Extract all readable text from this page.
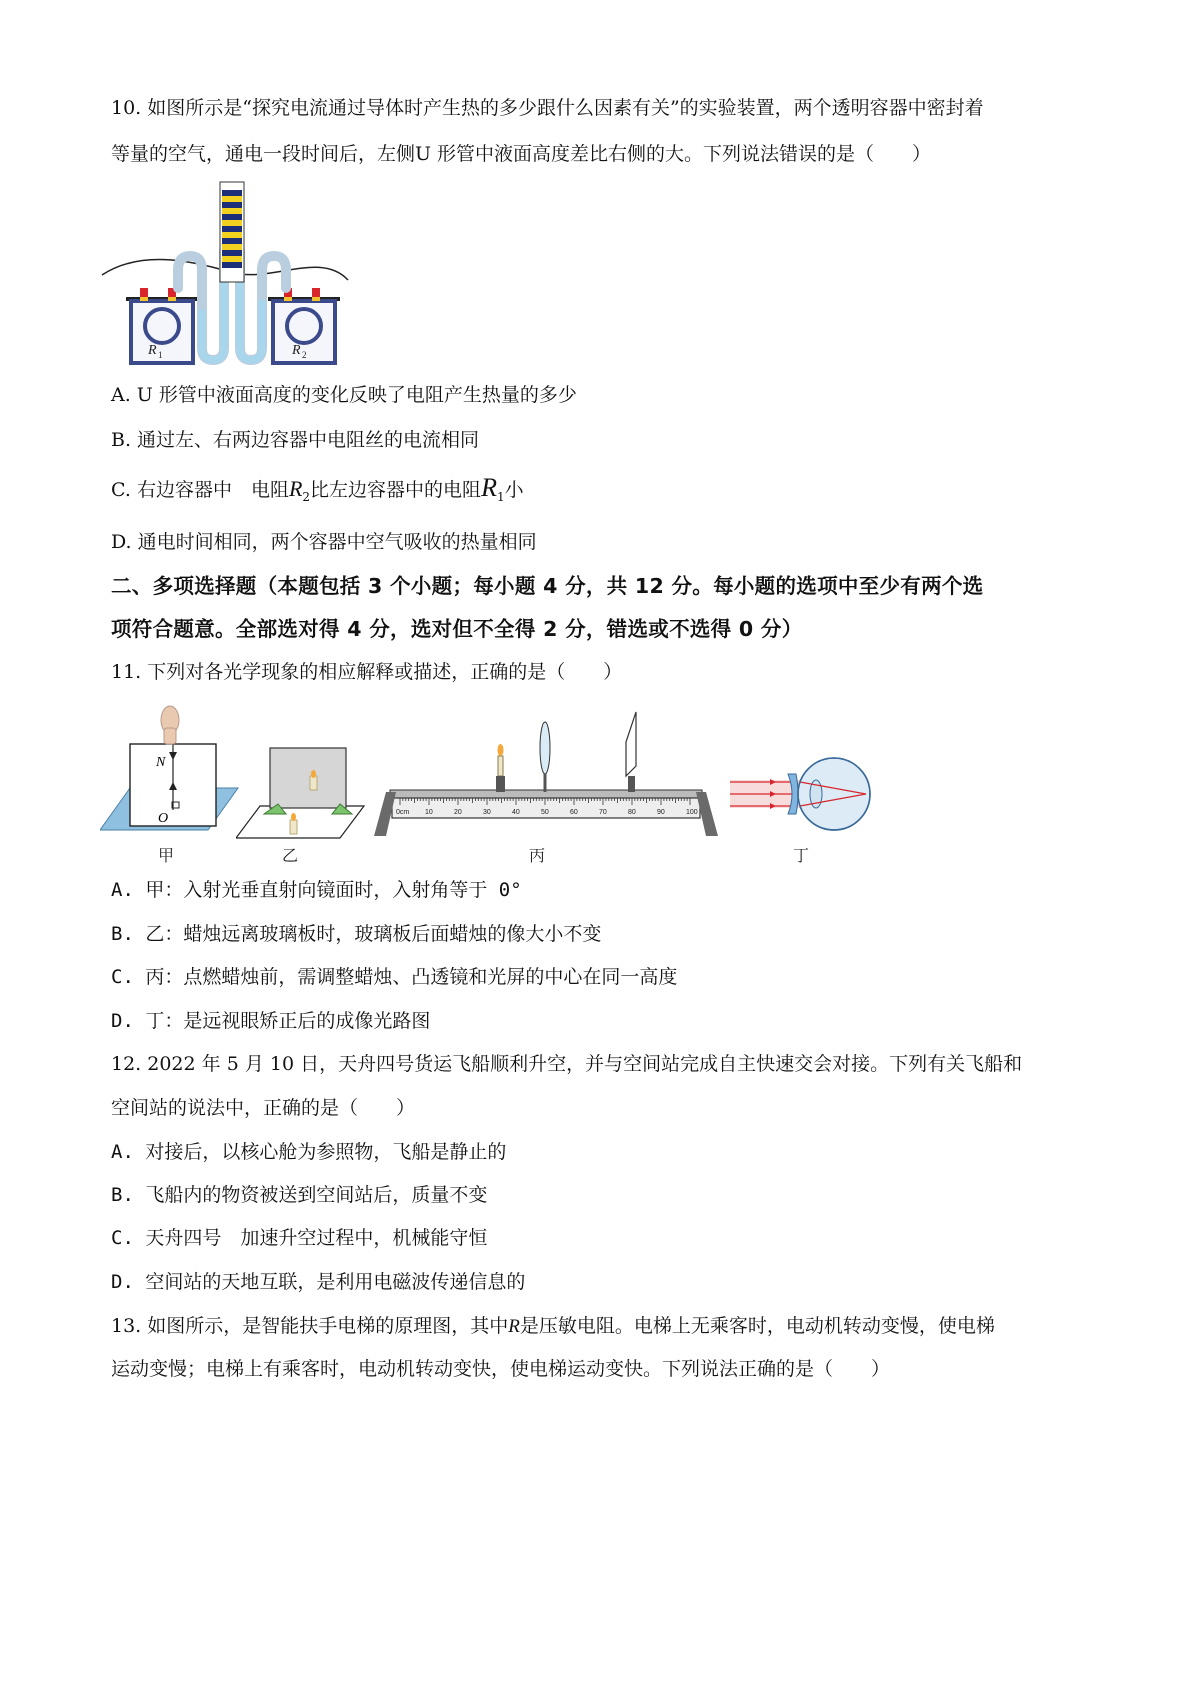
10. 如图所示是“探究电流通过导体时产生热的多少跟什么因素有关”的实验装置，两个透明容器中密封着
等量的空气，通电一段时间后，左侧U 形管中液面高度差比右侧的大。下列说法错误的是（　　）
R 1	R 2
A. U 形管中液面高度的变化反映了电阻产生热量的多少
B. 通过左、右两边容器中电阻丝的电流相同
C. 右边容器中　电阻$R_2$比左边容器中的电阻$R_1$小
D. 通电时间相同，两个容器中空气吸收的热量相同
二、多项选择题（本题包括 3 个小题；每小题 4 分，共 12 分。每小题的选项中至少有两个选
项符合题意。全部选对得 4 分，选对但不全得 2 分，错选或不选得 0 分）
11. 下列对各光学现象的相应解释或描述，正确的是（　　）
N
O
甲	乙
0cm 10	20	30	40	50	60	70	80	90	100
丙	丁
A. 甲：入射光垂直射向镜面时，入射角等于 0°
B. 乙：蜡烛远离玻璃板时，玻璃板后面蜡烛的像大小不变
C. 丙：点燃蜡烛前，需调整蜡烛、凸透镜和光屏的中心在同一高度
D. 丁：是远视眼矫正后的成像光路图
12. 2022 年 5 月 10 日，天舟四号货运飞船顺利升空，并与空间站完成自主快速交会对接。下列有关飞船和
空间站的说法中，正确的是（　　）
A. 对接后，以核心舱为参照物，飞船是静止的
B. 飞船内的物资被送到空间站后，质量不变
C. 天舟四号　加速升空过程中，机械能守恒
D. 空间站的天地互联，是利用电磁波传递信息的
13. 如图所示，是智能扶手电梯的原理图，其中R是压敏电阻。电梯上无乘客时，电动机转动变慢，使电梯
运动变慢；电梯上有乘客时，电动机转动变快，使电梯运动变快。下列说法正确的是（　　）
